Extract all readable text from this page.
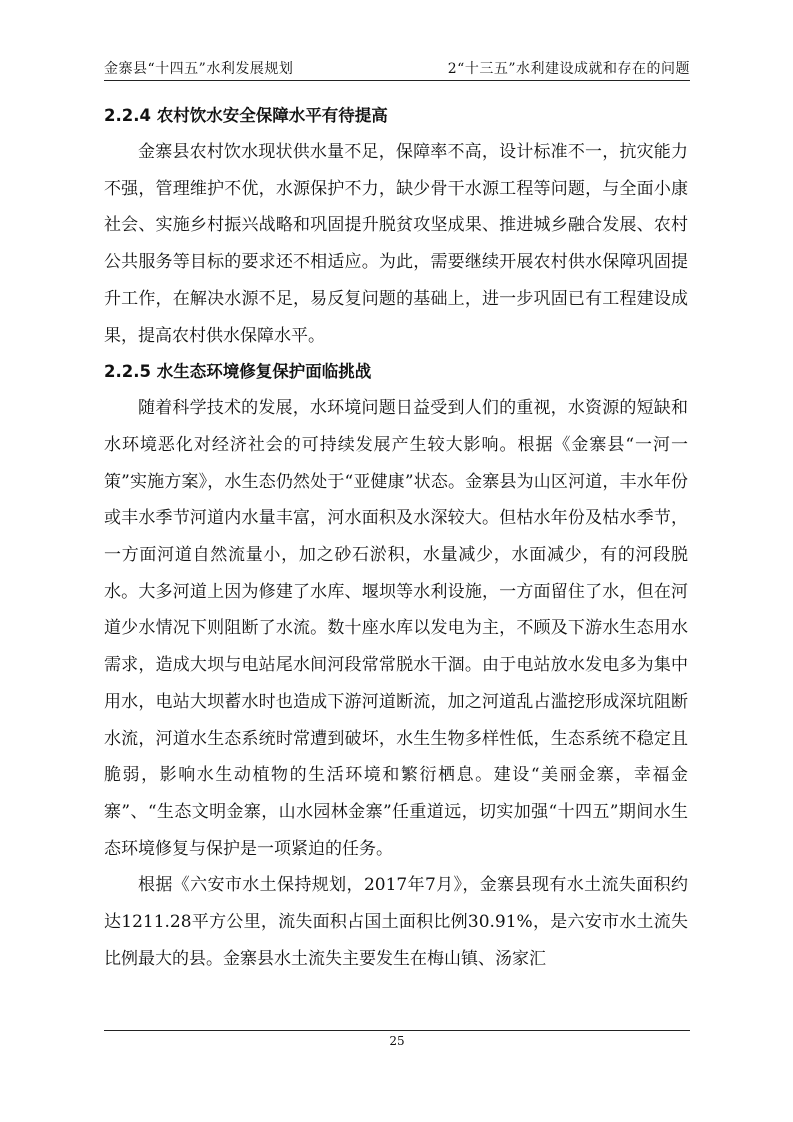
金寨县“十四五”水利发展规划	2“十三五”水利建设成就和存在的问题
2.2.4 农村饮水安全保障水平有待提高

金寨县农村饮水现状供水量不足，保障率不高，设计标准不一，抗灾能力不强，管理维护不优，水源保护不力，缺少骨干水源工程等问题，与全面小康社会、实施乡村振兴战略和巩固提升脱贫攻坚成果、推进城乡融合发展、农村公共服务等目标的要求还不相适应。为此，需要继续开展农村供水保障巩固提升工作，在解决水源不足，易反复问题的基础上，进一步巩固已有工程建设成果，提高农村供水保障水平。

2.2.5 水生态环境修复保护面临挑战

随着科学技术的发展，水环境问题日益受到人们的重视，水资源的短缺和水环境恶化对经济社会的可持续发展产生较大影响。根据《金寨县“一河一策”实施方案》，水生态仍然处于“亚健康”状态。金寨县为山区河道，丰水年份或丰水季节河道内水量丰富，河水面积及水深较大。但枯水年份及枯水季节，一方面河道自然流量小，加之砂石淤积，水量减少，水面减少，有的河段脱水。大多河道上因为修建了水库、堰坝等水利设施，一方面留住了水，但在河道少水情况下则阻断了水流。数十座水库以发电为主，不顾及下游水生态用水需求，造成大坝与电站尾水间河段常常脱水干涸。由于电站放水发电多为集中用水，电站大坝蓄水时也造成下游河道断流，加之河道乱占滥挖形成深坑阻断水流，河道水生态系统时常遭到破坏，水生生物多样性低，生态系统不稳定且脆弱，影响水生动植物的生活环境和繁衍栖息。建设“美丽金寨，幸福金寨”、“生态文明金寨，山水园林金寨”任重道远，切实加强“十四五”期间水生态环境修复与保护是一项紧迫的任务。

根据《六安市水土保持规划，2017年7月》，金寨县现有水土流失面积约达1211.28平方公里，流失面积占国土面积比例30.91%，是六安市水土流失比例最大的县。金寨县水土流失主要发生在梅山镇、汤家汇

25
